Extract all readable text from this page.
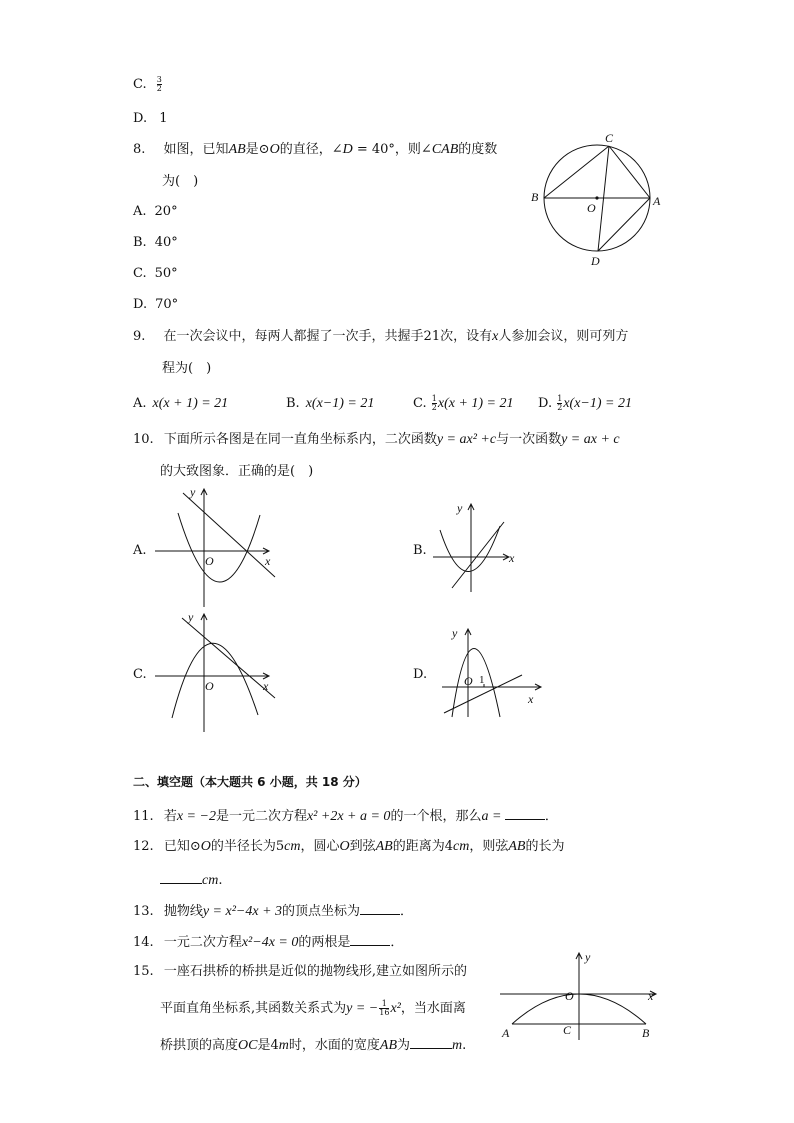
C. $\frac{3}{2}$
D. 1
8. 如图，已知AB是⊙O的直径，∠D = 40°，则∠CAB的度数
为(　)
A. 20°
B. 40°
C. 50°
D. 70°
C
B
O	A
D
9. 在一次会议中，每两人都握了一次手，共握手21次，设有x人参加会议，则可列方
程为(　)
A. x(x + 1) = 21	B. x(x−1) = 21	C. $\frac{1}{2} x(x + 1) = 21$ D. $\frac{1}{2} x(x-1) = 21$
10. 下面所示各图是在同一直角坐标系内，二次函数y = ax² +c与一次函数y = ax + c
的大致图象．正确的是(　)
A.	B.
C.	D.
y
x
O
y
x
y
x
O
y
x
O 1
二、填空题（本大题共 6 小题，共 18 分）
11. 若x = −2是一元二次方程x² +2x + a = 0的一个根，那么a =	．
12. 已知⊙O的半径长为5cm，圆心O到弦AB的距离为4cm，则弦AB的长为
cm.
13. 抛物线y = x²−4x + 3的顶点坐标为	．
14. 一元二次方程x²−4x = 0的两根是	．
15. 一座石拱桥的桥拱是近似的抛物线形,建立如图所示的
平面直角坐标系,其函数关系式为y = − $\frac{1}{16} x^2$，当水面离
桥拱顶的高度OC是4m时，水面的宽度AB为	m.
y
x
O
A	C	B
